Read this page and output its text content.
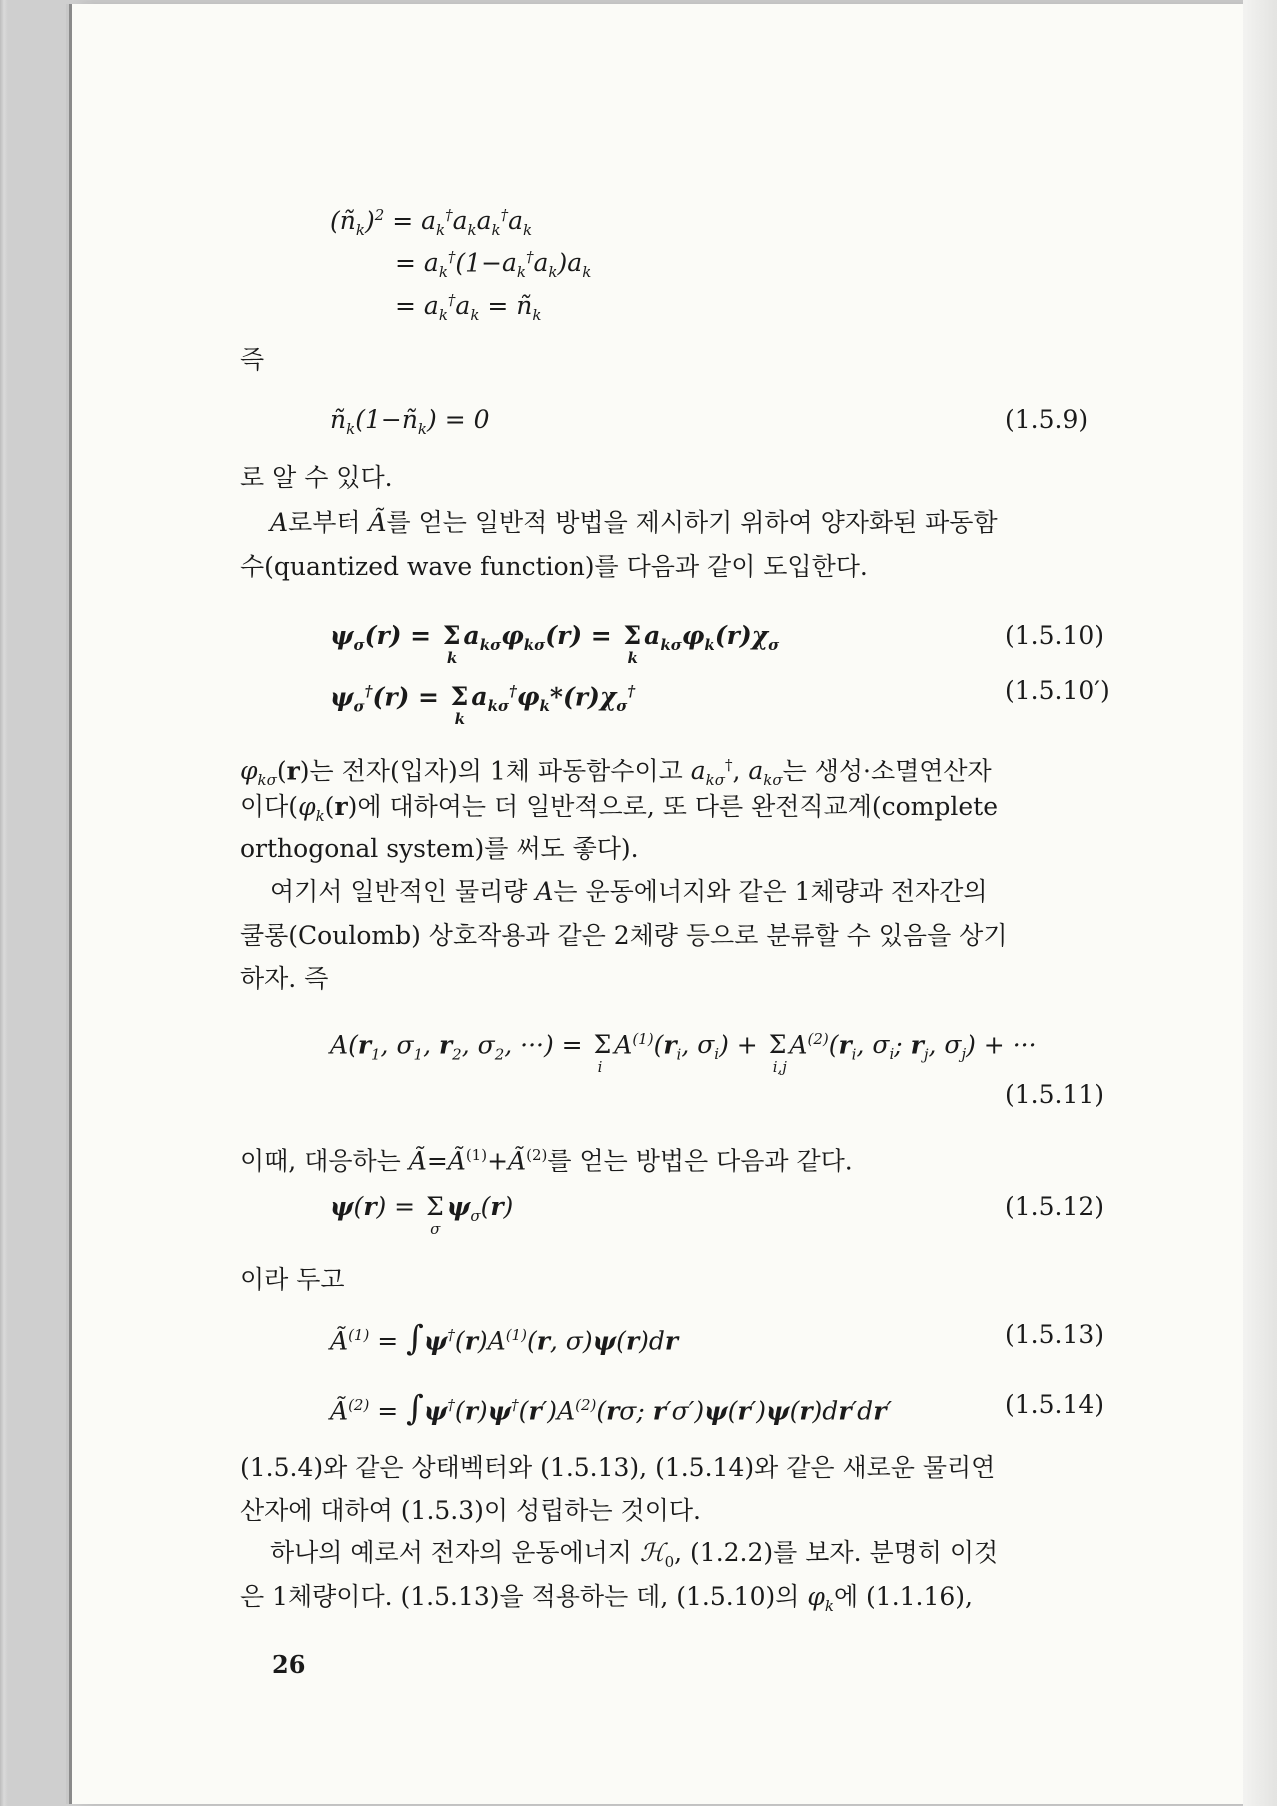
$(ñ_k)^2 = a_k^\dagger a_ka_k^\dagger a_k$
= $a_k^\dagger(1-a_k^\dagger a_k)a_k$
= $a_k^\dagger a_k$ = $ñ_k$
즉
$ñ_k(1-ñ_k) = 0$	(1.5.9)
로 알 수 있다.
A로부터 Ã를 얻는 일반적 방법을 제시하기 위하여 양자화된 파동함
수(quantized wave function)를 다음과 같이 도입한다.
$\psi_\sigma(r) = \Sigma$
k
$a_{k\sigma}\varphi_{k\sigma}(r) = \Sigma$
k
$a_{k\sigma}\varphi_k(r)\chi_\sigma$	(1.5.10)
$\psi_\sigma^\dagger(r) = \Sigma$
k
$a_{k\sigma}^\dagger\varphi_k*(r)\chi_\sigma^\dagger$	(1.5.10′)
$\varphi_{k\sigma}(r)$는 전자(입자)의 1체 파동함수이고 $a_{k\sigma}^\dagger$, $a_{k\sigma}$는 생성·소멸연산자
이다($\varphi_k(r)$에 대하여는 더 일반적으로, 또 다른 완전직교계(complete
orthogonal system)를 써도 좋다).
여기서 일반적인 물리량 A는 운동에너지와 같은 1체량과 전자간의
쿨롱(Coulomb) 상호작용과 같은 2체량 등으로 분류할 수 있음을 상기
하자. 즉
$A(r_1$, $\sigma_1$, $r_2$, $\sigma_2$, ···) = Σ
i
$A^{(1)}(r_i$, $\sigma_i) + \Sigma$
i,j
$A^{(2)}(r_i$, $\sigma_i$; $r_j$, $\sigma_j$) + ···
(1.5.11)
이때, 대응하는 $Ã=Ã^{(1)}+Ã^{(2)}$를 얻는 방법은 다음과 같다.
ψ(r) = Σ
σ
$\psi_\sigma(r)$	(1.5.12)
이라 두고
$Ã^{(1)} = \int\psi^\dagger(r)A^{(1)}(r$, σ)ψ(r)dr	(1.5.13)
$Ã^{(2)} = \int\psi^\dagger(r)\psi^\dagger(r')A^{(2)}(r\sigma$; r′σ′)ψ(r′)ψ(r)dr′dr′	(1.5.14)
(1.5.4)와 같은 상태벡터와 (1.5.13), (1.5.14)와 같은 새로운 물리연
산자에 대하여 (1.5.3)이 성립하는 것이다.
하나의 예로서 전자의 운동에너지 ℋ$_0$, (1.2.2)를 보자. 분명히 이것
은 1체량이다. (1.5.13)을 적용하는 데, (1.5.10)의 $\varphi_k$에 (1.1.16),
26
